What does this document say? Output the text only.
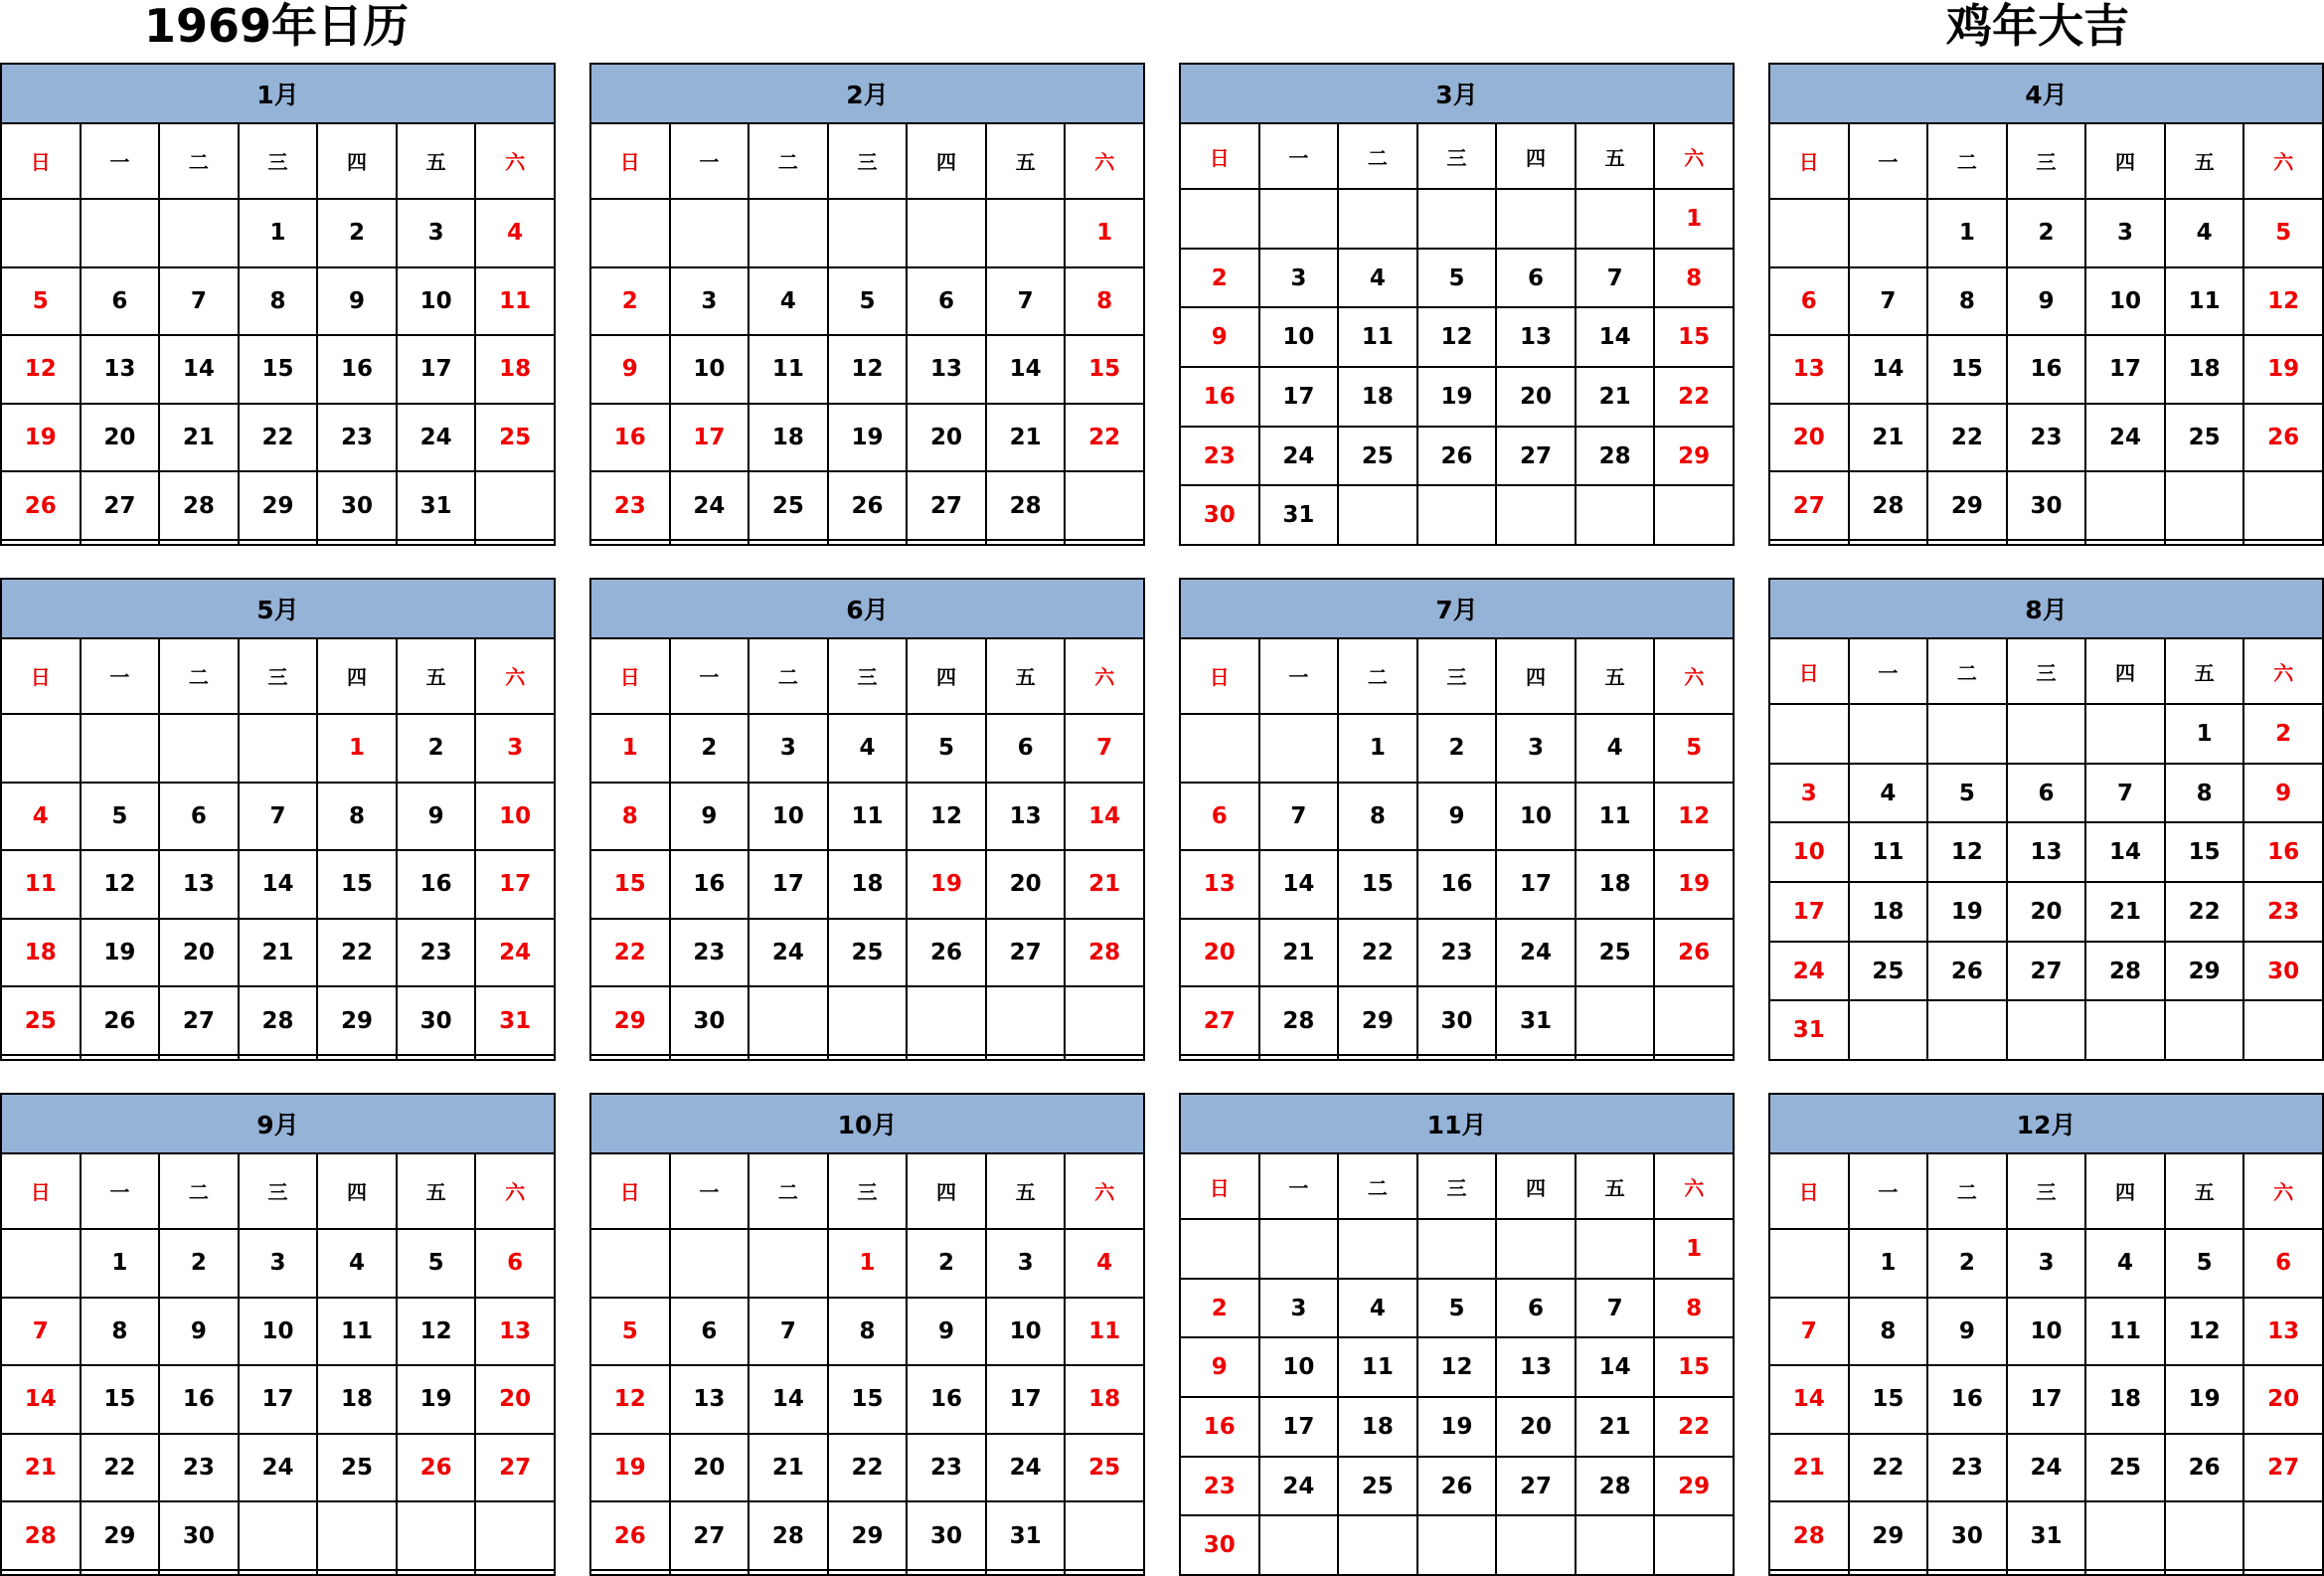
1969年日历	鸡年大吉
1月						
日	一	二	三	四	五	六
			1	2	3	4
5	6	7	8	9	10	11
12	13	14	15	16	17	18
19	20	21	22	23	24	25
26	27	28	29	30	31	

2月						
日	一	二	三	四	五	六
						1
2	3	4	5	6	7	8
9	10	11	12	13	14	15
16	17	18	19	20	21	22
23	24	25	26	27	28	

3月						
日	一	二	三	四	五	六
						1
2	3	4	5	6	7	8
9	10	11	12	13	14	15
16	17	18	19	20	21	22
23	24	25	26	27	28	29
30	31					
4月						
日	一	二	三	四	五	六
		1	2	3	4	5
6	7	8	9	10	11	12
13	14	15	16	17	18	19
20	21	22	23	24	25	26
27	28	29	30			

5月						
日	一	二	三	四	五	六
				1	2	3
4	5	6	7	8	9	10
11	12	13	14	15	16	17
18	19	20	21	22	23	24
25	26	27	28	29	30	31

6月						
日	一	二	三	四	五	六
1	2	3	4	5	6	7
8	9	10	11	12	13	14
15	16	17	18	19	20	21
22	23	24	25	26	27	28
29	30					

7月						
日	一	二	三	四	五	六
		1	2	3	4	5
6	7	8	9	10	11	12
13	14	15	16	17	18	19
20	21	22	23	24	25	26
27	28	29	30	31		

8月						
日	一	二	三	四	五	六
					1	2
3	4	5	6	7	8	9
10	11	12	13	14	15	16
17	18	19	20	21	22	23
24	25	26	27	28	29	30
31						
9月						
日	一	二	三	四	五	六
	1	2	3	4	5	6
7	8	9	10	11	12	13
14	15	16	17	18	19	20
21	22	23	24	25	26	27
28	29	30				

10月						
日	一	二	三	四	五	六
			1	2	3	4
5	6	7	8	9	10	11
12	13	14	15	16	17	18
19	20	21	22	23	24	25
26	27	28	29	30	31	

11月						
日	一	二	三	四	五	六
						1
2	3	4	5	6	7	8
9	10	11	12	13	14	15
16	17	18	19	20	21	22
23	24	25	26	27	28	29
30						
12月						
日	一	二	三	四	五	六
	1	2	3	4	5	6
7	8	9	10	11	12	13
14	15	16	17	18	19	20
21	22	23	24	25	26	27
28	29	30	31			
